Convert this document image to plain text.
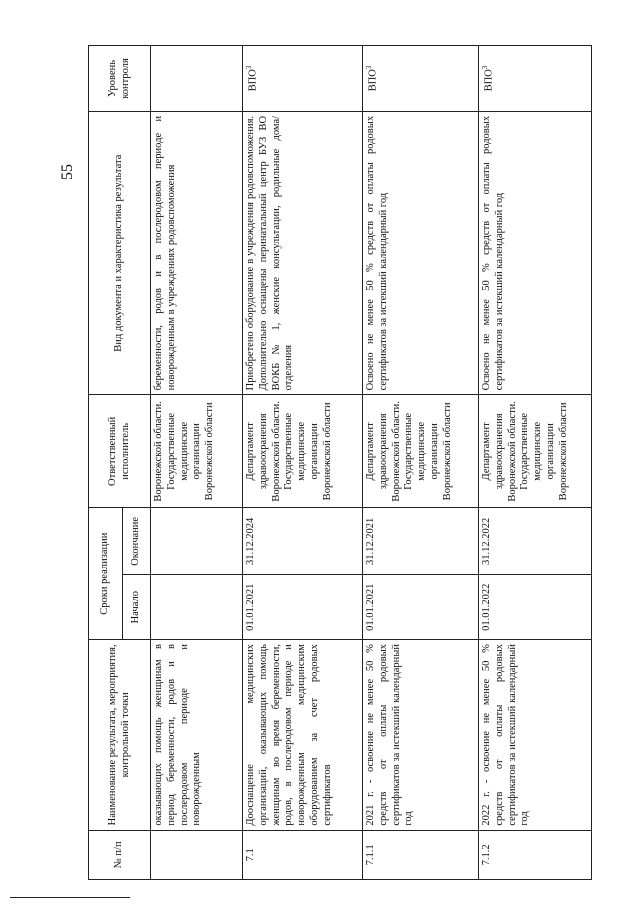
55
№ п/п	Наименование результата, мероприятия, контрольной точки	Сроки реализации		Ответственный исполнитель	Вид документа и характеристика результата	Уровень контроля
		Начало	Окончание			
	оказывающих помощь женщинам в период беременности, родов и в послеродовом периоде и новорожденным			Воронежской области. Государственные медицинские организации Воронежской области	беременности, родов и в послеродовом периоде и новорожденным в учреждениях родовспоможения	
7.1	Дооснащение медицинских организаций, оказывающих помощь женщинам во время беременности, родов, в послеродовом периоде и новорожденным медицинским оборудованием за счет родовых сертификатов	01.01.2021	31.12.2024	Департамент здравоохранения Воронежской области. Государственные медицинские организации Воронежской области	Приобретено оборудование в учреждения родовспоможения. Дополнительно оснащены перинатальный центр БУЗ ВО ВОКБ № 1, женские консультации, родильные дома/отделения	ВПО$^3$
7.1.1	2021 г. - освоение не менее 50 % средств от оплаты родовых сертификатов за истекший календарный год	01.01.2021	31.12.2021	Департамент здравоохранения Воронежской области. Государственные медицинские организации Воронежской области	Освоено не менее 50 % средств от оплаты родовых сертификатов за истекший календарный год	ВПО$^3$
7.1.2	2022 г. - освоение не менее 50 % средств от оплаты родовых сертификатов за истекший календарный год	01.01.2022	31.12.2022	Департамент здравоохранения Воронежской области. Государственные медицинские организации Воронежской области	Освоено не менее 50 % средств от оплаты родовых сертификатов за истекший календарный год	ВПО$^3$
